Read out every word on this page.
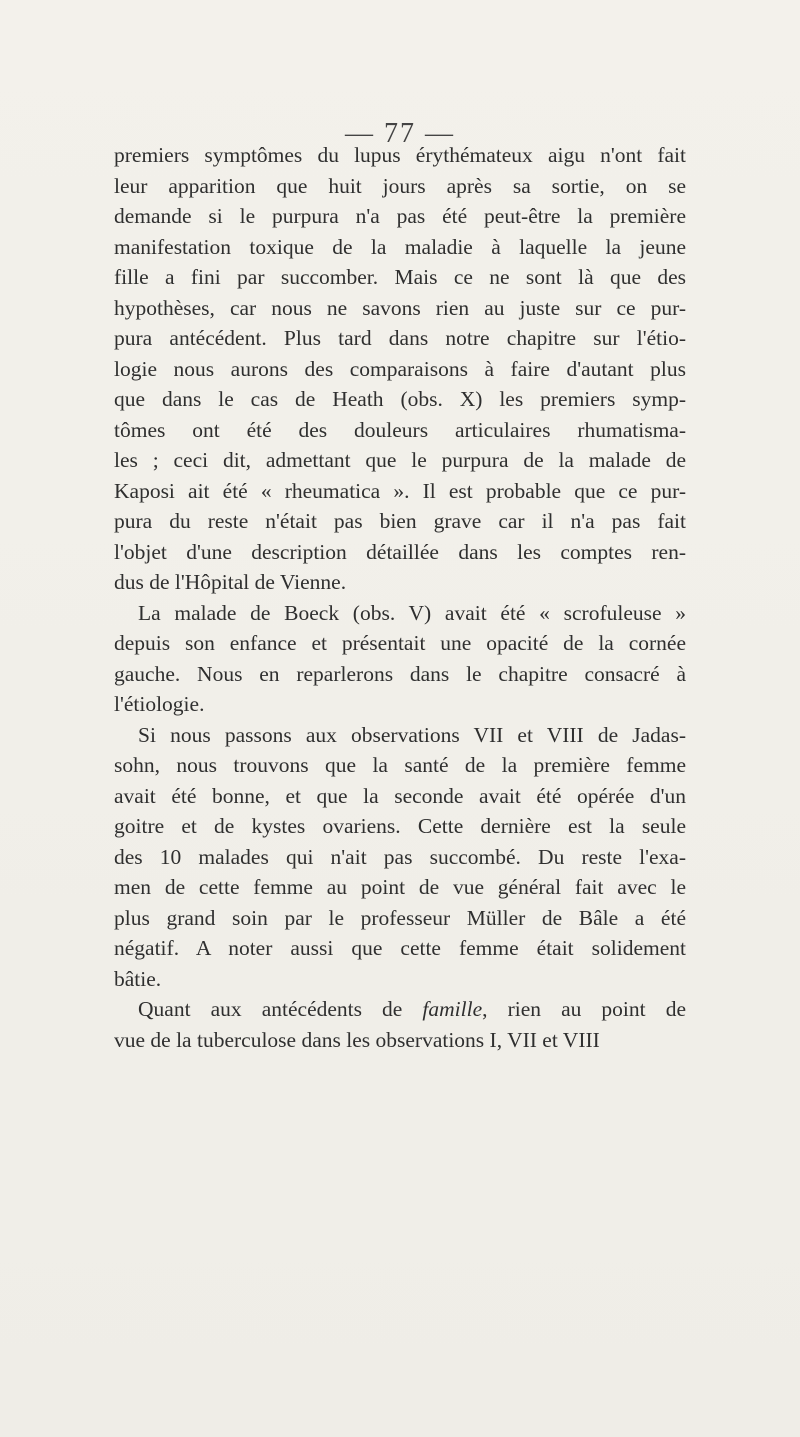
— 77 —
premiers symptômes du lupus érythémateux aigu n'ont fait
leur apparition que huit jours après sa sortie, on se
demande si le purpura n'a pas été peut-être la première
manifestation toxique de la maladie à laquelle la jeune
fille a fini par succomber. Mais ce ne sont là que des
hypothèses, car nous ne savons rien au juste sur ce pur-
pura antécédent. Plus tard dans notre chapitre sur l'étio-
logie nous aurons des comparaisons à faire d'autant plus
que dans le cas de Heath (obs. X) les premiers symp-
tômes ont été des douleurs articulaires rhumatisma-
les ; ceci dit, admettant que le purpura de la malade de
Kaposi ait été « rheumatica ». Il est probable que ce pur-
pura du reste n'était pas bien grave car il n'a pas fait
l'objet d'une description détaillée dans les comptes ren-
dus de l'Hôpital de Vienne.
La malade de Boeck (obs. V) avait été « scrofuleuse »
depuis son enfance et présentait une opacité de la cornée
gauche. Nous en reparlerons dans le chapitre consacré à
l'étiologie.
Si nous passons aux observations VII et VIII de Jadas-
sohn, nous trouvons que la santé de la première femme
avait été bonne, et que la seconde avait été opérée d'un
goitre et de kystes ovariens. Cette dernière est la seule
des 10 malades qui n'ait pas succombé. Du reste l'exa-
men de cette femme au point de vue général fait avec le
plus grand soin par le professeur Müller de Bâle a été
négatif. A noter aussi que cette femme était solidement
bâtie.
Quant aux antécédents de famille, rien au point de
vue de la tuberculose dans les observations I, VII et VIII
